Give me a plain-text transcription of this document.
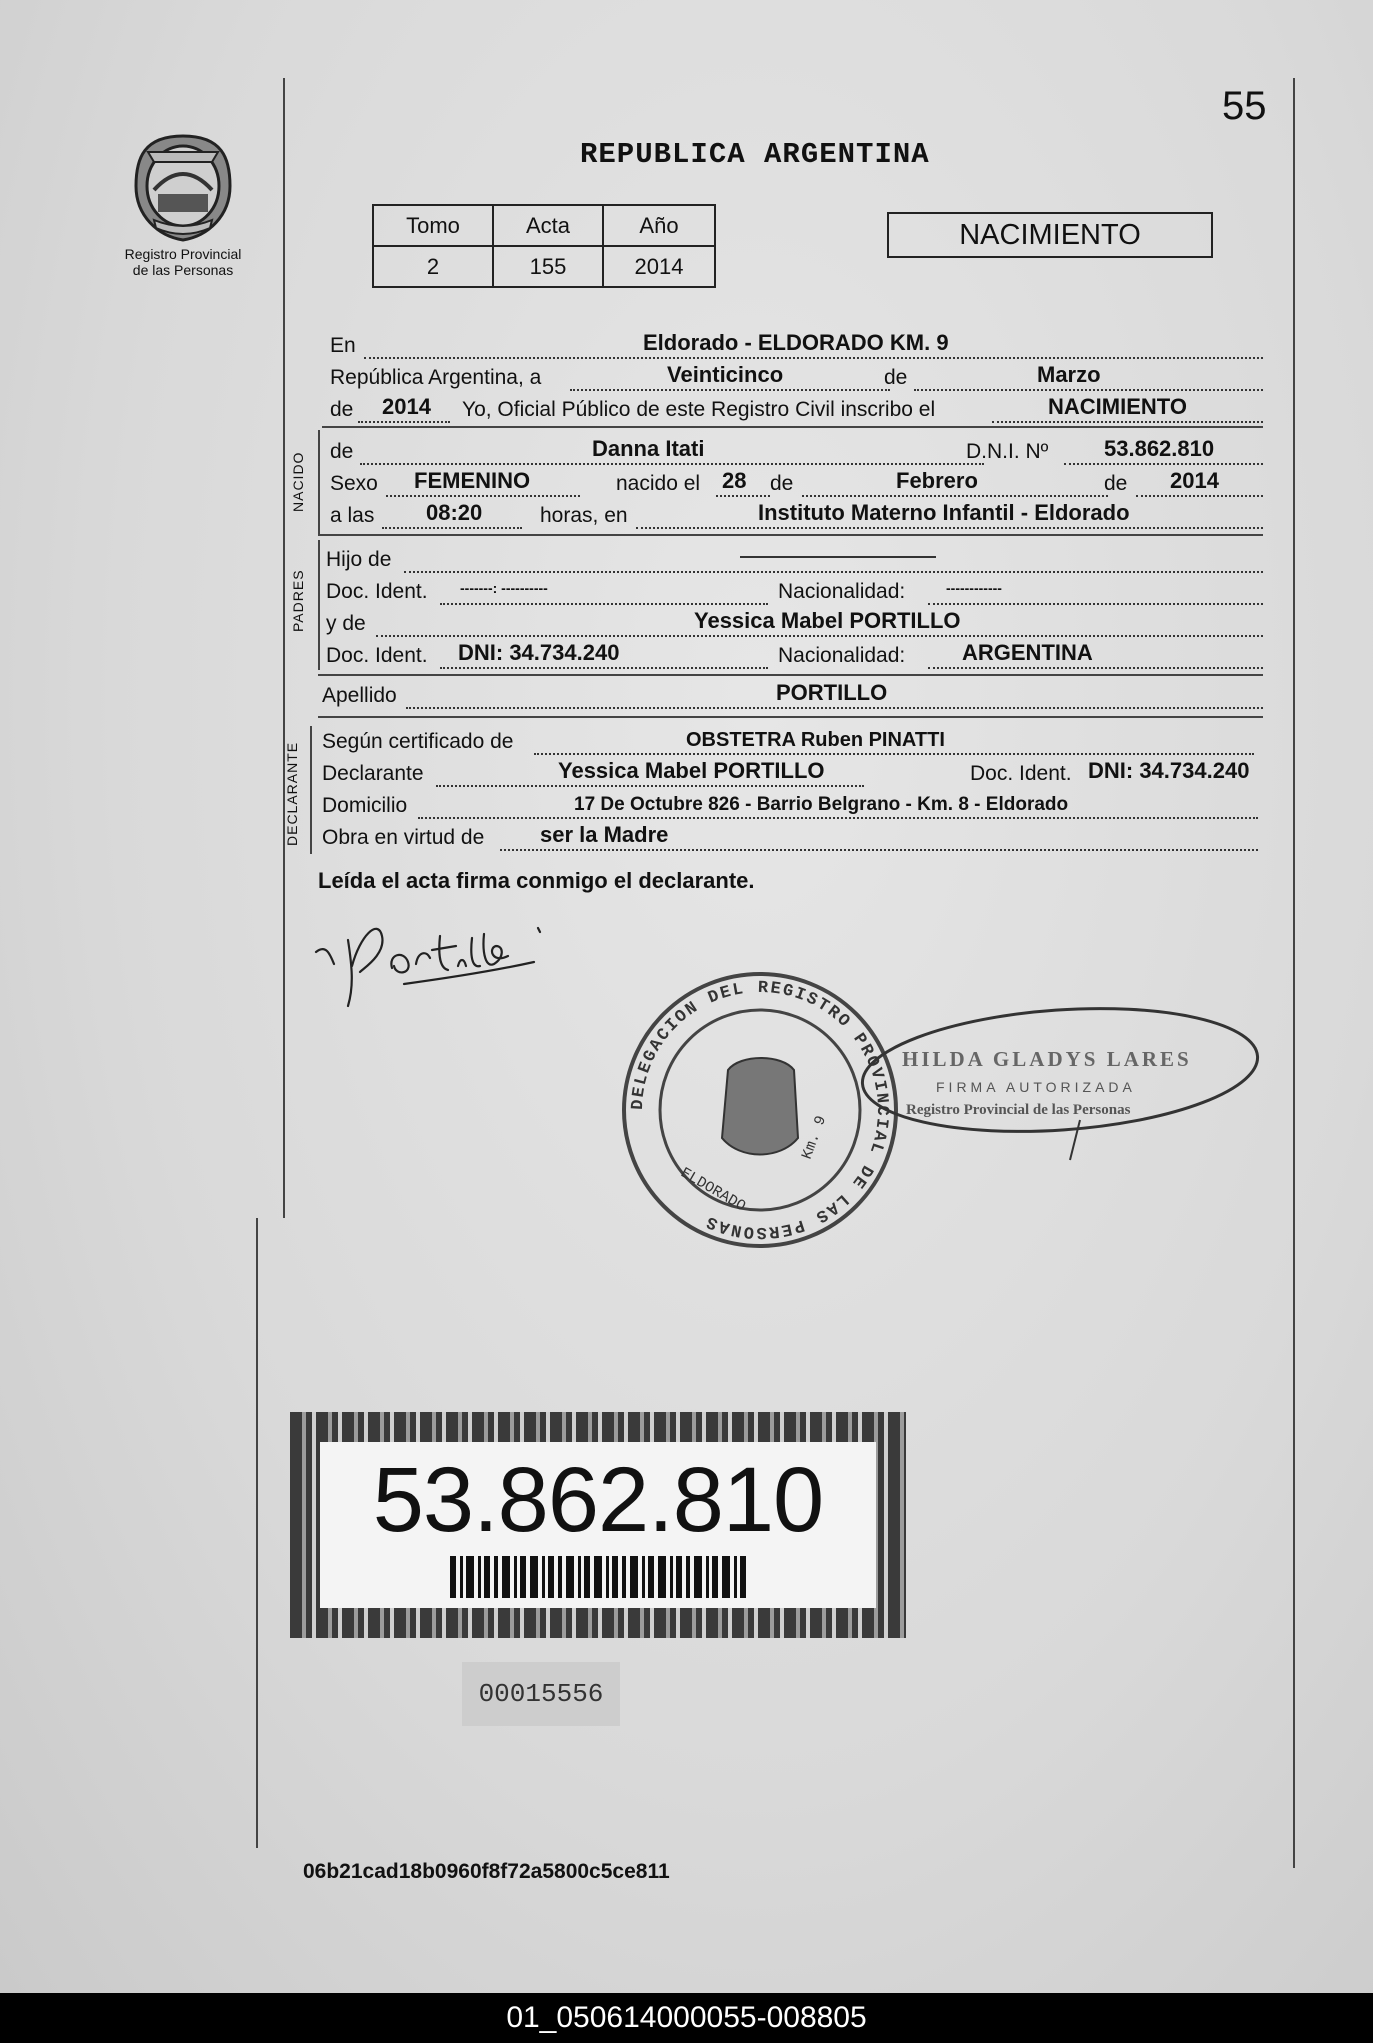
55
Registro Provincial
de las Personas
REPUBLICA ARGENTINA
Tomo	Acta	Año
2	155	2014
NACIMIENTO
En	Eldorado - ELDORADO KM. 9
República Argentina, a	Veinticinco	de	Marzo
de 2014 Yo, Oficial Público de este Registro Civil inscribo el	NACIMIENTO
NACIDO
de	Danna Itati	D.N.I. Nº	53.862.810
Sexo FEMENINO	nacido el 28 de	Febrero	de 2014
a las 08:20	horas, en	Instituto Materno Infantil - Eldorado
PADRES
Hijo de
Doc. Ident. -------: ----------	Nacionalidad:	------------
y de	Yessica Mabel PORTILLO
Doc. Ident. DNI: 34.734.240	Nacionalidad:	ARGENTINA
Apellido	PORTILLO
DECLARANTE
Según certificado de	OBSTETRA Ruben PINATTI
Declarante	Yessica Mabel PORTILLO	Doc. Ident. DNI: 34.734.240
Domicilio	17 De Octubre 826 - Barrio Belgrano - Km. 8 - Eldorado
Obra en virtud de	ser la Madre
Leída el acta firma conmigo el declarante.
DELEGACION DEL REGISTRO PROVINCIAL DE LAS PERSONAS
ELDORADO
Km. 9
HILDA GLADYS LARES
FIRMA AUTORIZADA
Registro Provincial de las Personas
53.862.810
00015556
06b21cad18b0960f8f72a5800c5ce811
01_050614000055-008805
